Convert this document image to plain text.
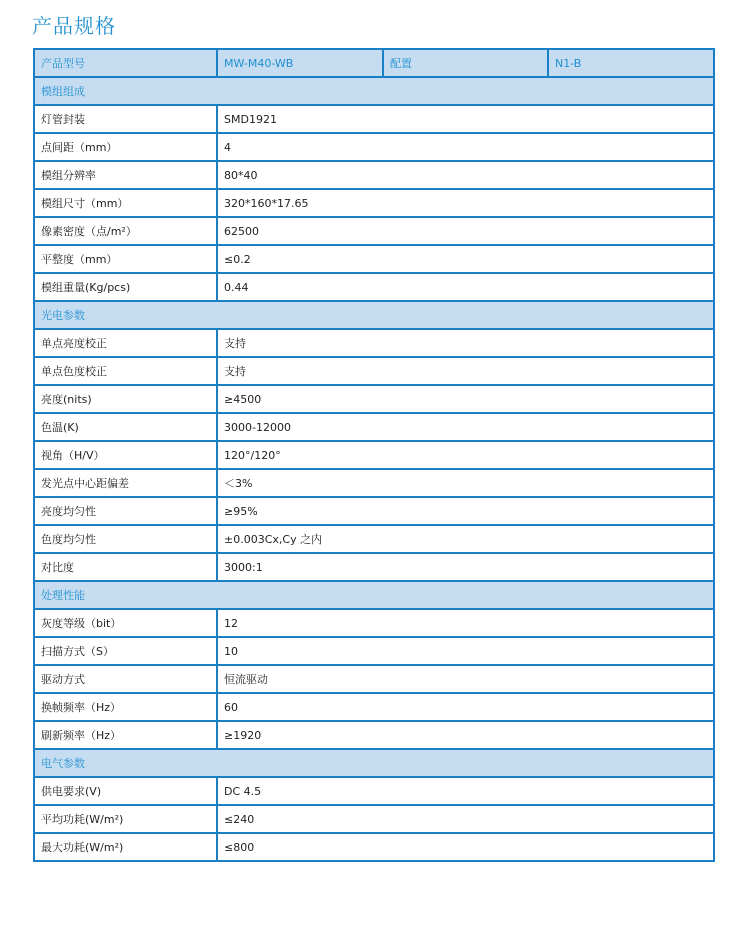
产品规格
产品型号	MW-M40-WB	配置	N1-B
模组组成			
灯管封装	SMD1921		
点间距（mm）	4		
模组分辨率	80*40		
模组尺寸（mm）	320*160*17.65		
像素密度（点/m²）	62500		
平整度（mm）	≤0.2		
模组重量(Kg/pcs)	0.44		
光电参数			
单点亮度校正	支持		
单点色度校正	支持		
亮度(nits)	≥4500		
色温(K)	3000-12000		
视角（H/V）	120°/120°		
发光点中心距偏差	＜3%		
亮度均匀性	≥95%		
色度均匀性	±0.003Cx,Cy 之内		
对比度	3000:1		
处理性能			
灰度等级（bit）	12		
扫描方式（S）	10		
驱动方式	恒流驱动		
换帧频率（Hz）	60		
刷新频率（Hz）	≥1920		
电气参数			
供电要求(V)	DC 4.5		
平均功耗(W/m²)	≤240		
最大功耗(W/m²)	≤800		
